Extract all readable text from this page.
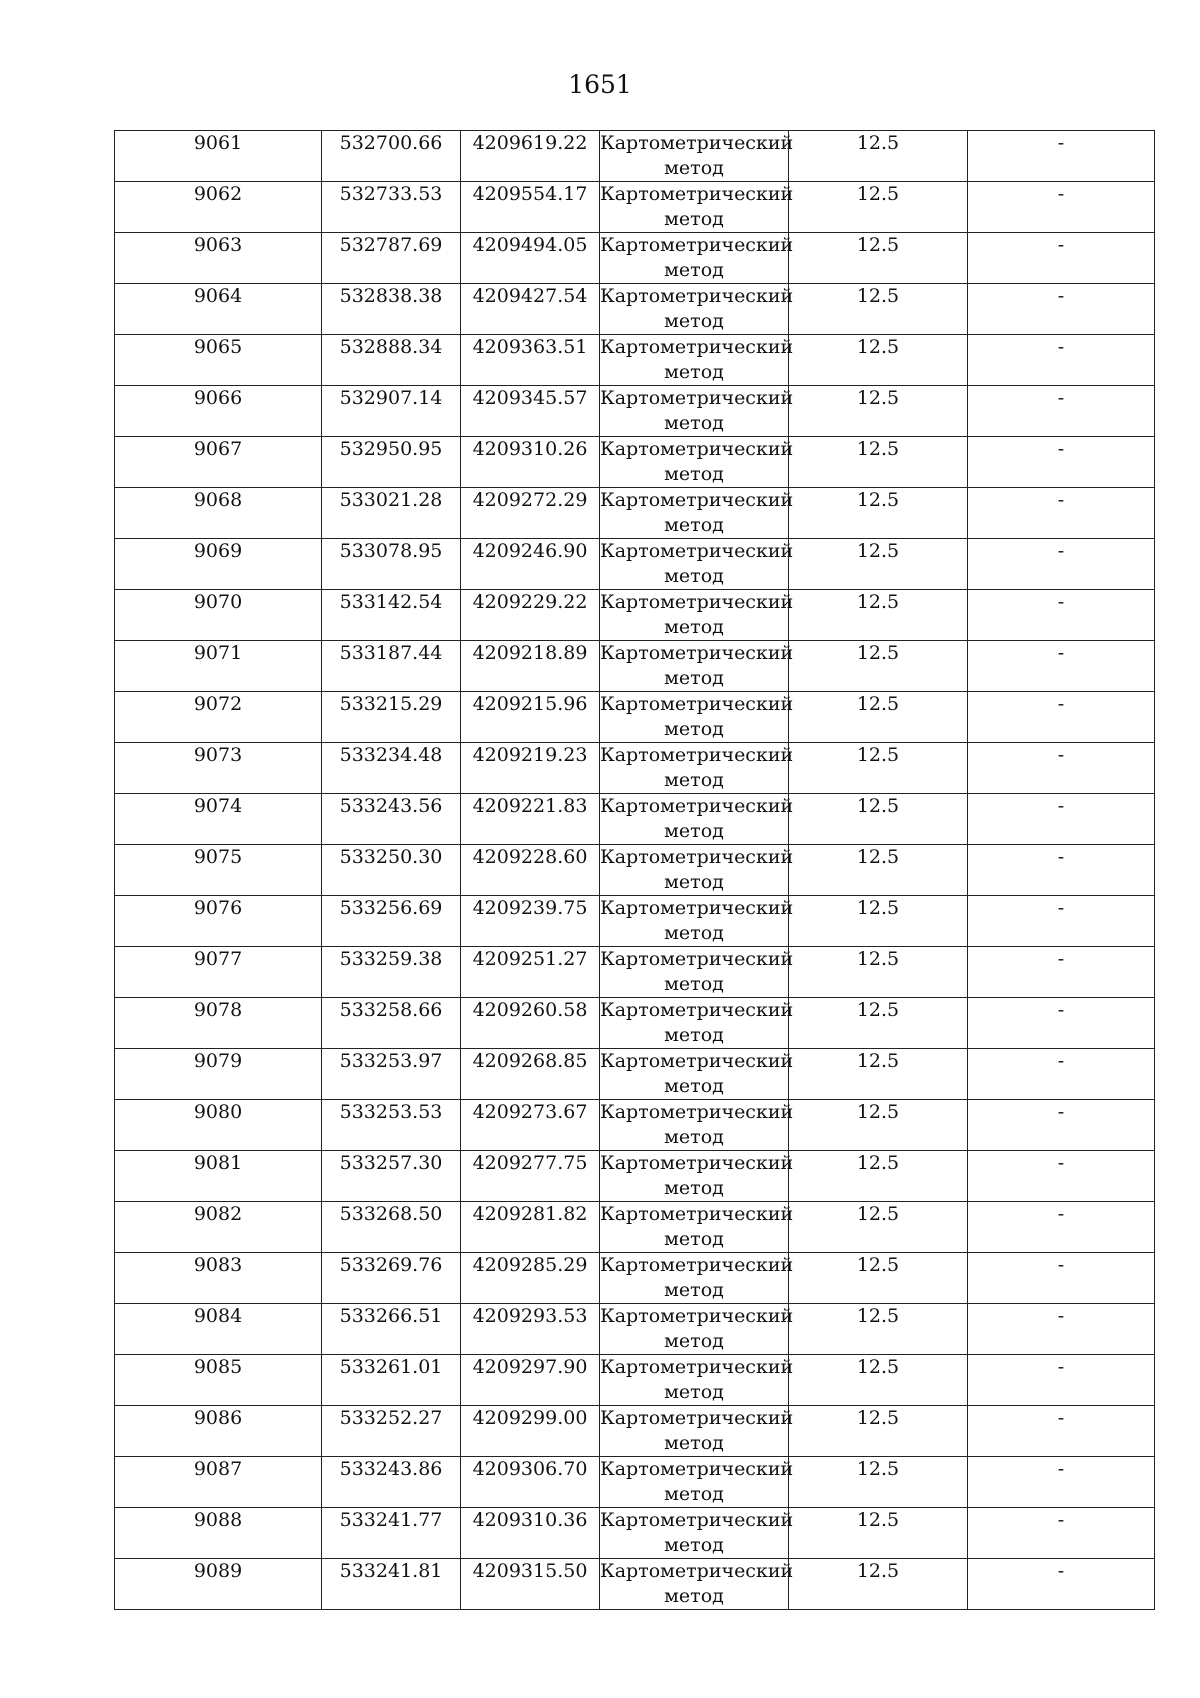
1651
9061	532700.66	4209619.22	Картометрический метод	12.5	-
9062	532733.53	4209554.17	Картометрический метод	12.5	-
9063	532787.69	4209494.05	Картометрический метод	12.5	-
9064	532838.38	4209427.54	Картометрический метод	12.5	-
9065	532888.34	4209363.51	Картометрический метод	12.5	-
9066	532907.14	4209345.57	Картометрический метод	12.5	-
9067	532950.95	4209310.26	Картометрический метод	12.5	-
9068	533021.28	4209272.29	Картометрический метод	12.5	-
9069	533078.95	4209246.90	Картометрический метод	12.5	-
9070	533142.54	4209229.22	Картометрический метод	12.5	-
9071	533187.44	4209218.89	Картометрический метод	12.5	-
9072	533215.29	4209215.96	Картометрический метод	12.5	-
9073	533234.48	4209219.23	Картометрический метод	12.5	-
9074	533243.56	4209221.83	Картометрический метод	12.5	-
9075	533250.30	4209228.60	Картометрический метод	12.5	-
9076	533256.69	4209239.75	Картометрический метод	12.5	-
9077	533259.38	4209251.27	Картометрический метод	12.5	-
9078	533258.66	4209260.58	Картометрический метод	12.5	-
9079	533253.97	4209268.85	Картометрический метод	12.5	-
9080	533253.53	4209273.67	Картометрический метод	12.5	-
9081	533257.30	4209277.75	Картометрический метод	12.5	-
9082	533268.50	4209281.82	Картометрический метод	12.5	-
9083	533269.76	4209285.29	Картометрический метод	12.5	-
9084	533266.51	4209293.53	Картометрический метод	12.5	-
9085	533261.01	4209297.90	Картометрический метод	12.5	-
9086	533252.27	4209299.00	Картометрический метод	12.5	-
9087	533243.86	4209306.70	Картометрический метод	12.5	-
9088	533241.77	4209310.36	Картометрический метод	12.5	-
9089	533241.81	4209315.50	Картометрический метод	12.5	-
